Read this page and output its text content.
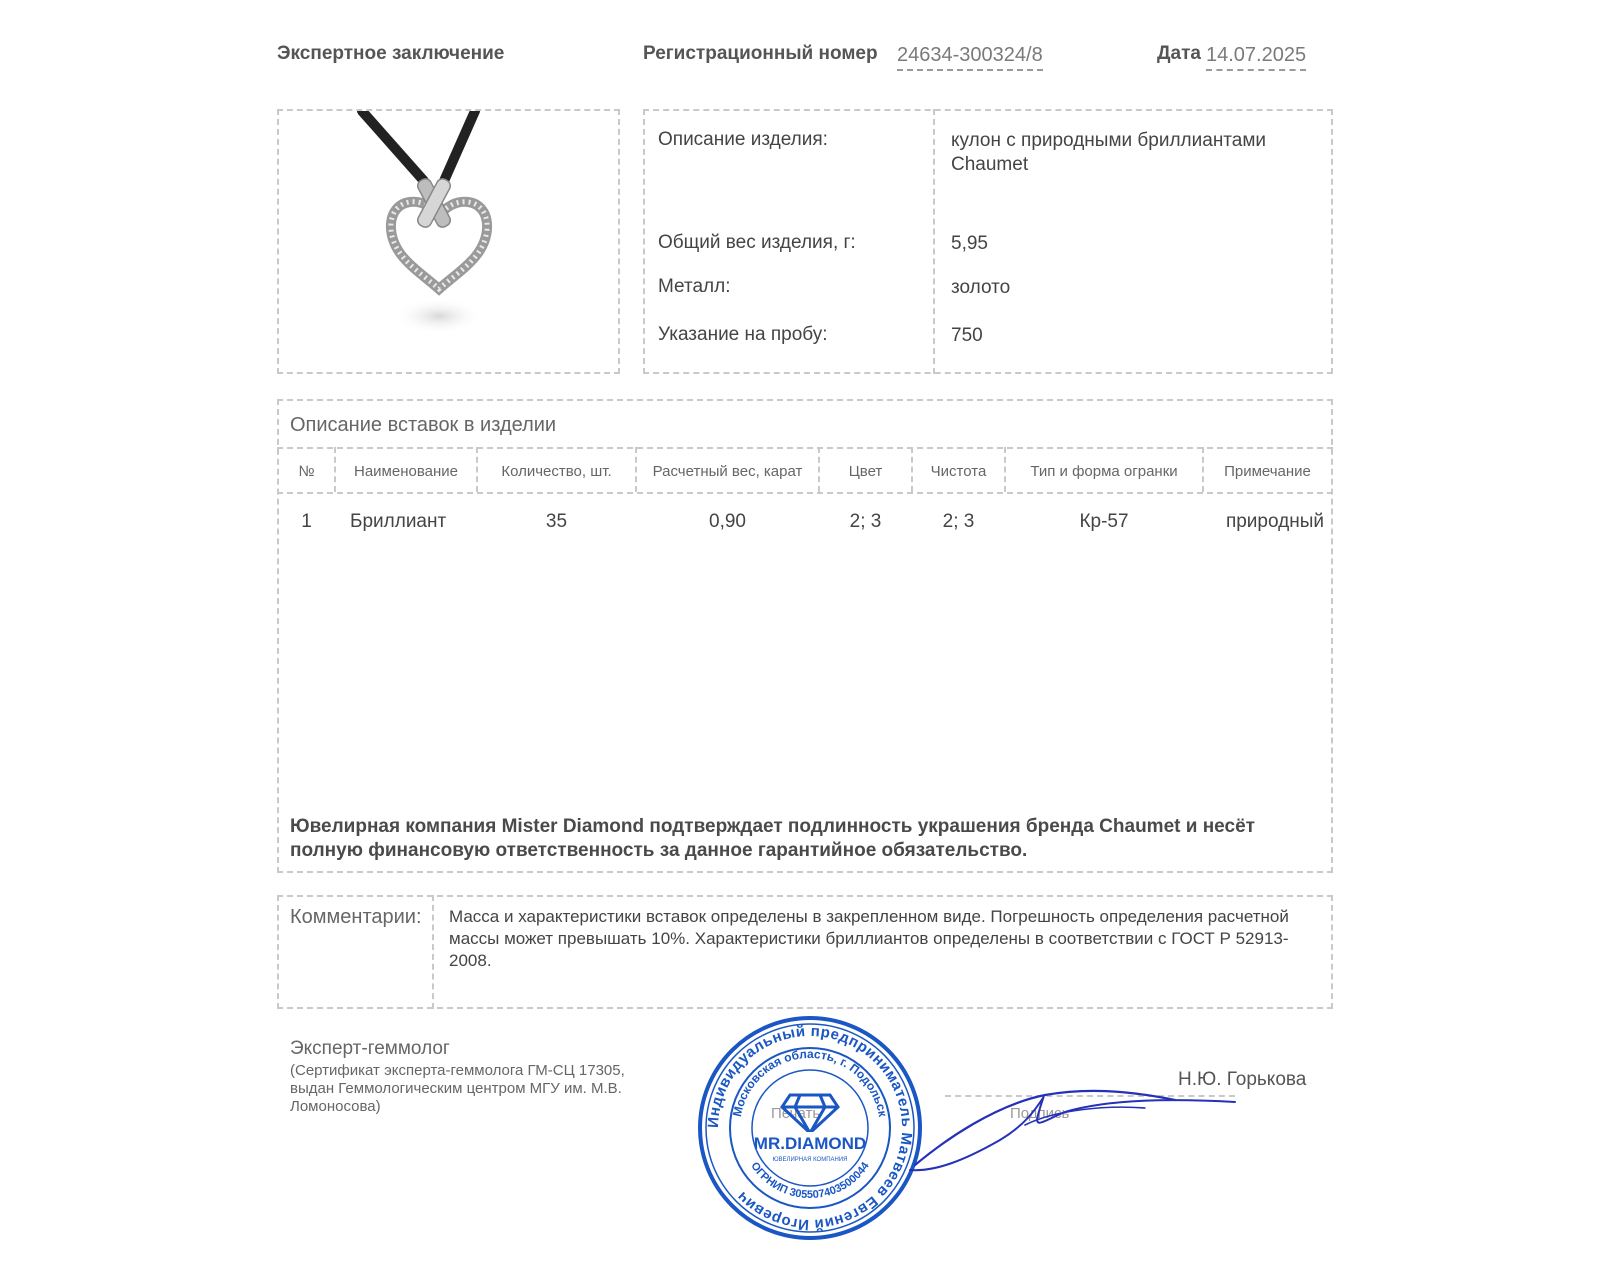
Экспертное заключение	Регистрационный номер 24634-300324/8	Дата 14.07.2025
Описание изделия:	кулон с природными бриллиантами Chaumet
Общий вес изделия, г:	5,95
Металл:	золото
Указание на пробу:	750
Описание вставок в изделии
№	Наименование	Количество, шт.	Расчетный вес, карат	Цвет	Чистота	Тип и форма огранки	Примечание
1	Бриллиант	35	0,90	2; 3	2; 3	Кр-57	природный
Ювелирная компания Mister Diamond подтверждает подлинность украшения бренда Chaumet и несёт полную финансовую ответственность за данное гарантийное обязательство.
Комментарии: Масса и характеристики вставок определены в закрепленном виде. Погрешность определения расчетной массы может превышать 10%. Характеристики бриллиантов определены в соответствии с ГОСТ Р 52913-2008.
Эксперт-геммолог
(Сертификат эксперта-геммолога ГМ-СЦ 17305, выдан Геммологическим центром МГУ им. М.В. Ломоносова)	Печать	Подпись
Н.Ю. Горькова
Индивидуальный предприниматель Матвеев Евгений Игоревич
Московская область, г. Подольск
ОГРНИП 305507403500044
MR.DIAMOND
ЮВЕЛИРНАЯ КОМПАНИЯ
